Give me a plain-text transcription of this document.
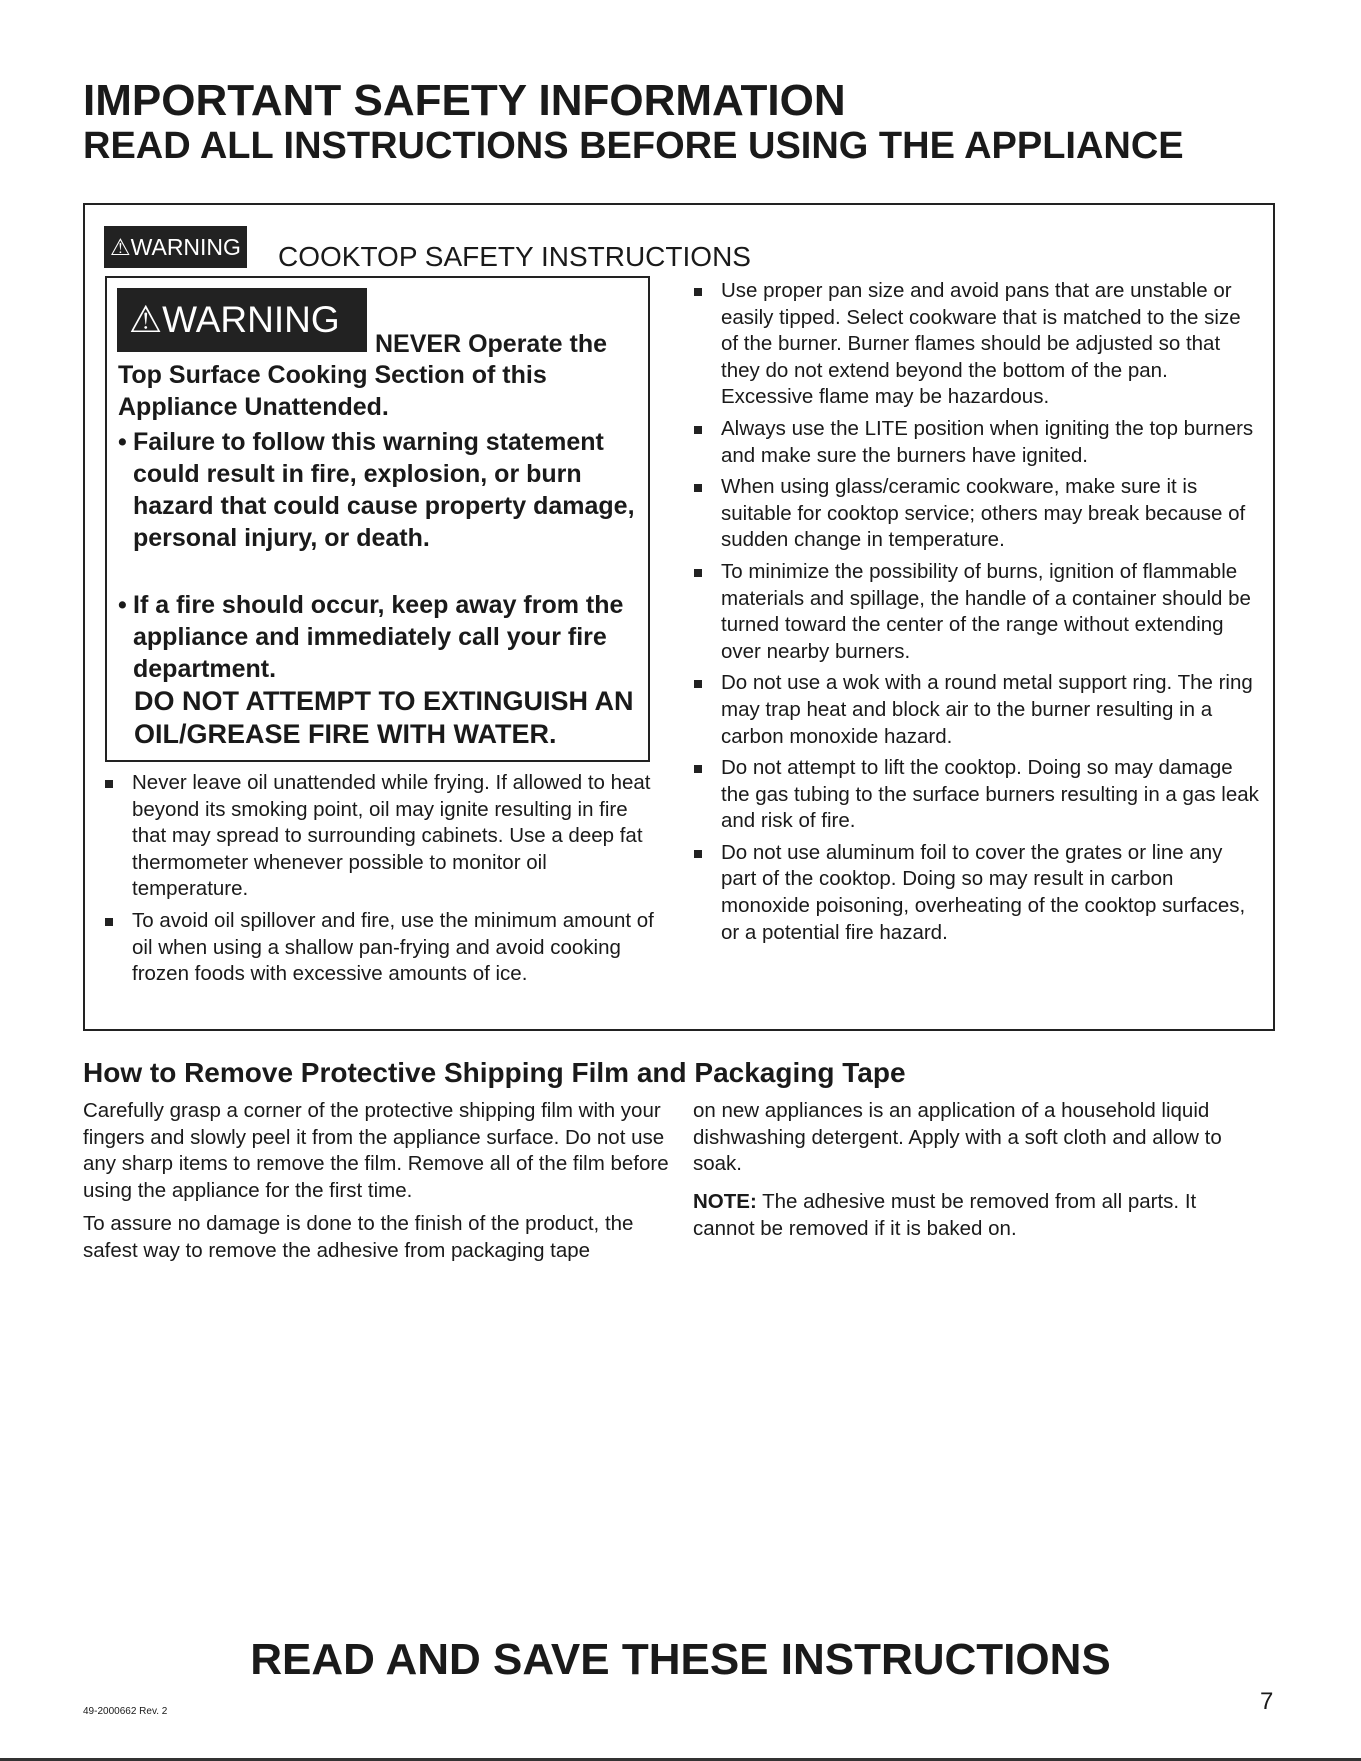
IMPORTANT SAFETY INFORMATION
READ ALL INSTRUCTIONS BEFORE USING THE APPLIANCE
⚠WARNING COOKTOP SAFETY INSTRUCTIONS
⚠WARNING

NEVER Operate the

Top Surface Cooking Section of this Appliance Unattended.

• Failure to follow this warning statement could result in fire, explosion, or burn hazard that could cause property damage, personal injury, or death.
• If a fire should occur, keep away from the appliance and immediately call your fire department.

DO NOT ATTEMPT TO EXTINGUISH AN OIL/GREASE FIRE WITH WATER.

Never leave oil unattended while frying. If allowed to heat beyond its smoking point, oil may ignite resulting in fire that may spread to surrounding cabinets. Use a deep fat thermometer whenever possible to monitor oil temperature.
To avoid oil spillover and fire, use the minimum amount of oil when using a shallow pan-frying and avoid cooking frozen foods with excessive amounts of ice.
Use proper pan size and avoid pans that are unstable or easily tipped. Select cookware that is matched to the size of the burner. Burner flames should be adjusted so that they do not extend beyond the bottom of the pan. Excessive flame may be hazardous.
Always use the LITE position when igniting the top burners and make sure the burners have ignited.
When using glass/ceramic cookware, make sure it is suitable for cooktop service; others may break because of sudden change in temperature.
To minimize the possibility of burns, ignition of flammable materials and spillage, the handle of a container should be turned toward the center of the range without extending over nearby burners.
Do not use a wok with a round metal support ring. The ring may trap heat and block air to the burner resulting in a carbon monoxide hazard.
Do not attempt to lift the cooktop. Doing so may damage the gas tubing to the surface burners resulting in a gas leak and risk of fire.
Do not use aluminum foil to cover the grates or line any part of the cooktop. Doing so may result in carbon monoxide poisoning, overheating of the cooktop surfaces, or a potential fire hazard.
How to Remove Protective Shipping Film and Packaging Tape

Carefully grasp a corner of the protective shipping film with your fingers and slowly peel it from the appliance surface. Do not use any sharp items to remove the film. Remove all of the film before using the appliance for the first time.

To assure no damage is done to the finish of the product, the safest way to remove the adhesive from packaging tape

on new appliances is an application of a household liquid dishwashing detergent. Apply with a soft cloth and allow to soak.

NOTE: The adhesive must be removed from all parts. It cannot be removed if it is baked on.

READ AND SAVE THESE INSTRUCTIONS
49-2000662 Rev. 2	7
